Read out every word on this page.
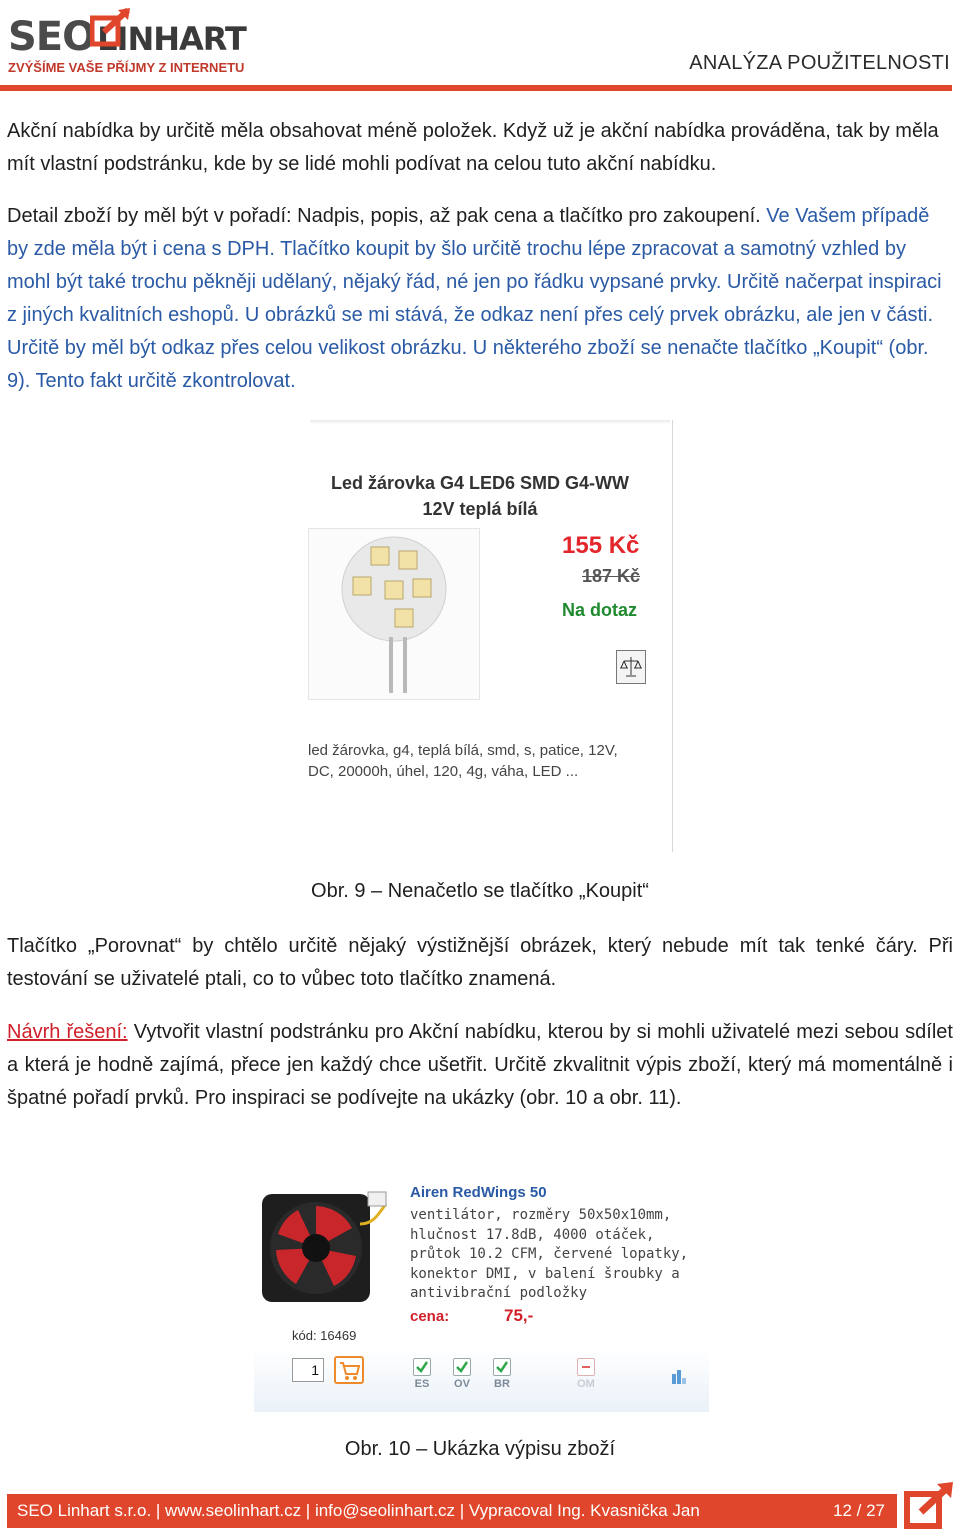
SEOLINHART
ZVÝŠÍME VAŠE PŘÍJMY Z INTERNETU	ANALÝZA POUŽITELNOSTI

Akční nabídka by určitě měla obsahovat méně položek. Když už je akční nabídka prováděna, tak by měla mít vlastní podstránku, kde by se lidé mohli podívat na celou tuto akční nabídku.

Detail zboží by měl být v pořadí: Nadpis, popis, až pak cena a tlačítko pro zakoupení. Ve Vašem případě by zde měla být i cena s DPH. Tlačítko koupit by šlo určitě trochu lépe zpracovat a samotný vzhled by mohl být také trochu pěkněji udělaný, nějaký řád, né jen po řádku vypsané prvky. Určitě načerpat inspiraci z jiných kvalitních eshopů. U obrázků se mi stává, že odkaz není přes celý prvek obrázku, ale jen v části. Určitě by měl být odkaz přes celou velikost obrázku. U některého zboží se nenačte tlačítko „Koupit“ (obr. 9). Tento fakt určitě zkontrolovat.

Led žárovka G4 LED6 SMD G4-WW
12V teplá bílá
155 Kč
187 Kč
Na dotaz
led žárovka, g4, teplá bílá, smd, s, patice, 12V,
DC, 20000h, úhel, 120, 4g, váha, LED ...
Obr. 9 – Nenačetlo se tlačítko „Koupit“

Tlačítko „Porovnat“ by chtělo určitě nějaký výstižnější obrázek, který nebude mít tak tenké čáry. Při testování se uživatelé ptali, co to vůbec toto tlačítko znamená.

Návrh řešení: Vytvořit vlastní podstránku pro Akční nabídku, kterou by si mohli uživatelé mezi sebou sdílet a která je hodně zajímá, přece jen každý chce ušetřit. Určitě zkvalitnit výpis zboží, který má momentálně i špatné pořadí prvků. Pro inspiraci se podívejte na ukázky (obr. 10 a obr. 11).

Airen RedWings 50
ventilátor, rozměry 50x50x10mm, hlučnost 17.8dB, 4000 otáček, průtok 10.2 CFM, červené lopatky, konektor DMI, v balení šroubky a antivibrační podložky
cena:	75,-
kód: 16469
1
ES	OV	BR	OM
Obr. 10 – Ukázka výpisu zboží
SEO Linhart s.r.o. | www.seolinhart.cz | info@seolinhart.cz | Vypracoval Ing. Kvasnička Jan	12 / 27
